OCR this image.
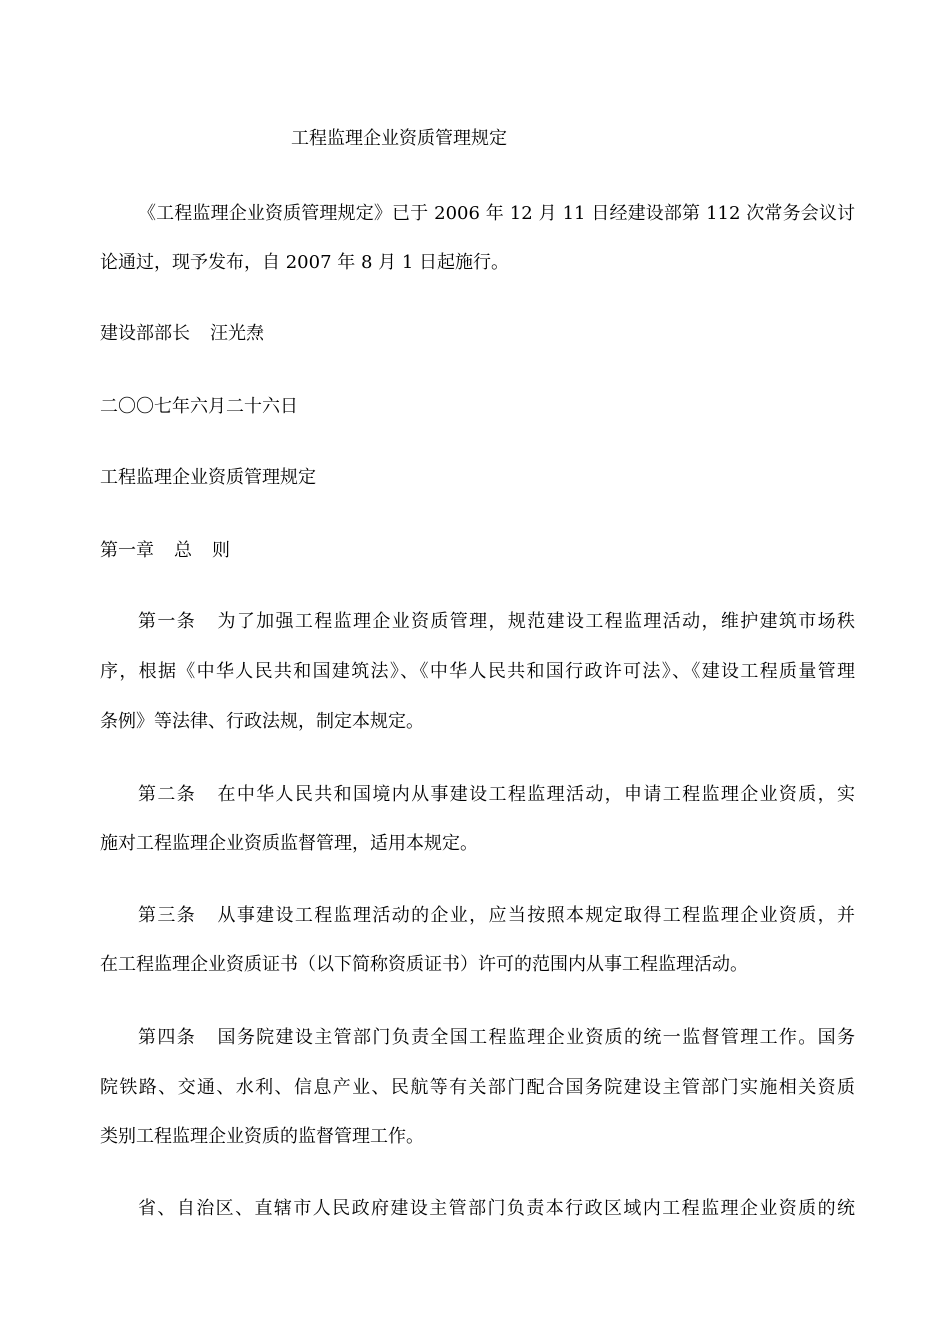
工程监理企业资质管理规定
《工程监理企业资质管理规定》已于 2006 年 12 月 11 日经建设部第 112 次常务会议讨
论通过，现予发布，自 2007 年 8 月 1 日起施行。
建设部部长 汪光焘
二〇〇七年六月二十六日
工程监理企业资质管理规定
第一章 总 则
第一条 为了加强工程监理企业资质管理，规范建设工程监理活动，维护建筑市场秩
序，根据《中华人民共和国建筑法》、《中华人民共和国行政许可法》、《建设工程质量管理
条例》等法律、行政法规，制定本规定。
第二条 在中华人民共和国境内从事建设工程监理活动，申请工程监理企业资质，实
施对工程监理企业资质监督管理，适用本规定。
第三条 从事建设工程监理活动的企业，应当按照本规定取得工程监理企业资质，并
在工程监理企业资质证书（以下简称资质证书）许可的范围内从事工程监理活动。
第四条 国务院建设主管部门负责全国工程监理企业资质的统一监督管理工作。国务
院铁路、交通、水利、信息产业、民航等有关部门配合国务院建设主管部门实施相关资质
类别工程监理企业资质的监督管理工作。
省、自治区、直辖市人民政府建设主管部门负责本行政区域内工程监理企业资质的统
